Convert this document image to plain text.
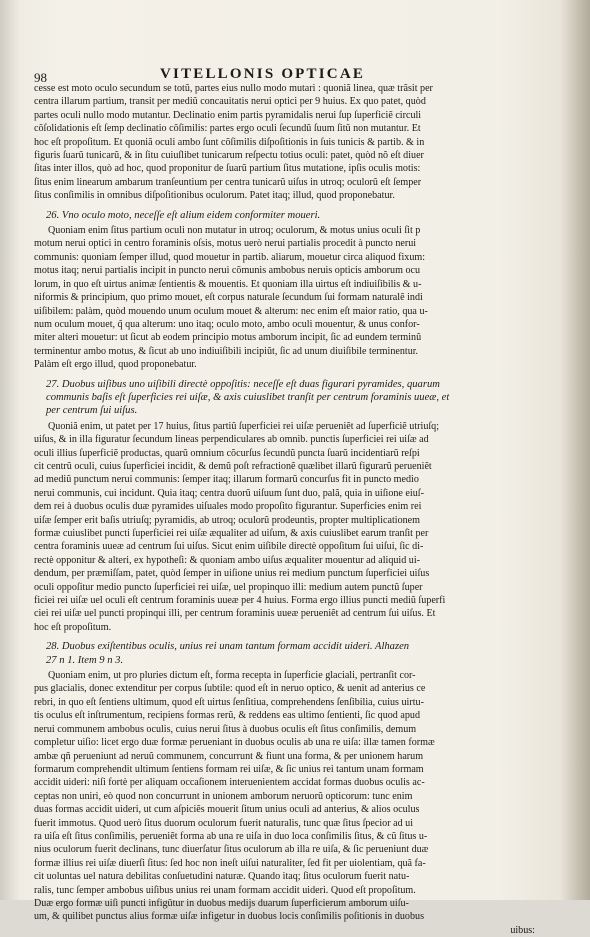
98	VITELLONIS OPTICAE
cesse est moto oculo secundum se totũ, partes eius nullo modo mutari : quoniã linea, quæ trãsit per
centra illarum partium, transit per mediũ concauitatis nerui optici per 9 huius. Ex quo patet, quòd
partes oculi nullo modo mutantur. Declinatio enim partis pyramidalis nerui ſup ſuperficiẽ circuli
cõſolidationis eſt ſemp declinatio cõſimilis: partes ergo oculi ſecundũ ſuum ſitũ non mutantur. Et
hoc eſt propoſitum. Et quoniã oculi ambo ſunt cõſimilis diſpoſitionis in ſuis tunicis & partib. & in
figuris ſuarũ tunicarũ, & in ſitu cuiuſlibet tunicarum reſpectu totius oculi: patet, quòd nõ eſt diuer
ſitas inter illos, quò ad hoc, quod proponitur de ſuarũ partium ſitus mutatione, ipſis oculis motis:
ſitus enim linearum ambarum tranſeuntium per centra tunicarũ uiſus in utroq; oculorũ eſt ſemper
ſitus conſimilis in omnibus diſpoſitionibus oculorum. Patet itaq; illud, quod proponebatur.
26. Vno oculo moto, neceſſe eſt alium eidem conformiter moueri.
Quoniam enim ſitus partium oculi non mutatur in utroq; oculorum, & motus unius oculi ſit p
motum nerui optici in centro foraminis oſsis, motus uerò nerui partialis procedit à puncto nerui
communis: quoniam ſemper illud, quod mouetur in partib. aliarum, mouetur circa aliquod fixum:
motus itaq; nerui partialis incipit in puncto nerui cõmunis ambobus neruis opticis amborum ocu
lorum, in quo eſt uirtus animæ ſentientis & mouentis. Et quoniam illa uirtus eſt indiuiſibilis & u-
niformis & principium, quo primo mouet, eſt corpus naturale ſecundum ſui formam naturalẽ indi
uiſibilem: palàm, quòd mouendo unum oculum mouet & alterum: nec enim eſt maior ratio, qua u-
num oculum mouet, q̃ qua alterum: uno itaq; oculo moto, ambo oculi mouentur, & unus confor-
miter alteri mouetur: ut ſicut ab eodem principio motus amborum incipit, ſic ad eundem terminũ
terminentur ambo motus, & ſicut ab uno indiuiſibili incipiũt, ſic ad unum diuiſibile terminentur.
Palàm eſt ergo illud, quod proponebatur.
27. Duobus uiſibus uno uiſibili directè oppoſitis: neceſſe eſt duas figurari pyramides, quarum
communis baſis eſt ſuperficies rei uiſæ, & axis cuiuslibet tranſit per centrum foraminis uueæ, et
per centrum ſui uiſus.
Quoniã enim, ut patet per 17 huius, ſitus partiũ ſuperficiei rei uiſæ perueniẽt ad ſuperficiẽ utriuſq;
uiſus, & in illa figuratur ſecundum lineas perpendiculares ab omnib. punctis ſuperficiei rei uiſæ ad
oculi illius ſuperficiẽ productas, quarũ omnium cõcurſus ſecundũ puncta ſuarũ incidentiarũ reſpi
cit centrũ oculi, cuius ſuperficiei incidit, & demũ poſt refractionẽ quælibet illarũ figurarũ perueniẽt
ad mediũ punctum nerui communis: ſemper itaq; illarum formarũ concurſus fit in puncto medio
nerui communis, cui incidunt. Quia itaq; centra duorũ uiſuum ſunt duo, palã, quia in uiſione eiuſ-
dem rei à duobus oculis duæ pyramides uiſuales modo propoſito figurantur. Superficies enim rei
uiſæ ſemper erit baſis utriuſq; pyramidis, ab utroq; oculorũ prodeuntis, propter multiplicationem
formæ cuiuslibet puncti ſuperficiei rei uiſæ æqualiter ad uiſum, & axis cuiuslibet earum tranſit per
centra foraminis uueæ ad centrum ſui uiſus. Sicut enim uiſibile directè oppoſitum ſui uiſui, ſic di-
rectè opponitur & alteri, ex hypotheſi: & quoniam ambo uiſus æqualiter mouentur ad aliquid ui-
dendum, per præmiſſam, patet, quòd ſemper in uiſione unius rei medium punctum ſuperficiei uiſus
oculi oppoſitur medio puncto ſuperficiei rei uiſæ, uel propinquo illi: medium autem punctũ ſuper
ficiei rei uiſæ uel oculi eſt centrum foraminis uueæ per 4 huius. Forma ergo illius puncti mediũ ſuperfi
ciei rei uiſæ uel puncti propinqui illi, per centrum foraminis uueæ perueniẽt ad centrum ſui uiſus. Et
hoc eſt propoſitum.
28. Duobus exiſtentibus oculis, unius rei unam tantum formam accidit uideri. Alhazen
27 n 1. Item 9 n 3.
Quoniam enim, ut pro pluries dictum eſt, forma recepta in ſuperficie glaciali, pertranſit cor-
pus glacialis, donec extenditur per corpus ſubtile: quod eſt in neruo optico, & uenit ad anterius ce
rebri, in quo eſt ſentiens ultimum, quod eſt uirtus ſenſitiua, comprehendens ſenſibilia, cuius uirtu-
tis oculus eſt inſtrumentum, recipiens formas rerũ, & reddens eas ultimo ſentienti, ſic quod apud
nerui communem ambobus oculis, cuius nerui ſitus à duobus oculis eſt ſitus conſimilis, demum
completur uiſio: licet ergo duæ formæ perueniant in duobus oculis ab una re uiſa: illæ tamen formæ
ambæ qñ perueniunt ad neruũ communem, concurrunt & fiunt una forma, & per unionem harum
formarum comprehendit ultimum ſentiens formam rei uiſæ, & ſic unius rei tantum unam formam
accidit uideri: niſi fortè per aliquam occaſionem interuenientem accidat formas duobus oculis ac-
ceptas non uniri, eò quod non concurrunt in unionem amborum neruorũ opticorum: tunc enim
duas formas accidit uideri, ut cum aſpiciẽs mouerit ſitum unius oculi ad anterius, & alios oculus
fuerit immotus. Quod uerò ſitus duorum oculorum fuerit naturalis, tunc quæ ſitus ſpecior ad ui
ra uiſa eſt ſitus conſimilis, perueniẽt forma ab una re uiſa in duo loca conſimilis ſitus, & cũ ſitus u-
nius oculorum fuerit declinans, tunc diuerſatur ſitus oculorum ab illa re uiſa, & ſic perueniunt duæ
formæ illius rei uiſæ diuerſi ſitus: ſed hoc non ineſt uiſui naturaliter, ſed fit per uiolentiam, quã fa-
cit uoluntas uel natura debilitas conſuetudini naturæ. Quando itaq; ſitus oculorum fuerit natu-
ralis, tunc ſemper ambobus uiſibus unius rei unam formam accidit uideri. Quod eſt propoſitum.
Duæ ergo formæ uiſi puncti infigũtur in duobus medijs duarum ſuperficierum amborum uiſu-
um, & quilibet punctus alius formæ uiſæ infigetur in duobus locis conſimilis poſitionis in duobus
uibus:
